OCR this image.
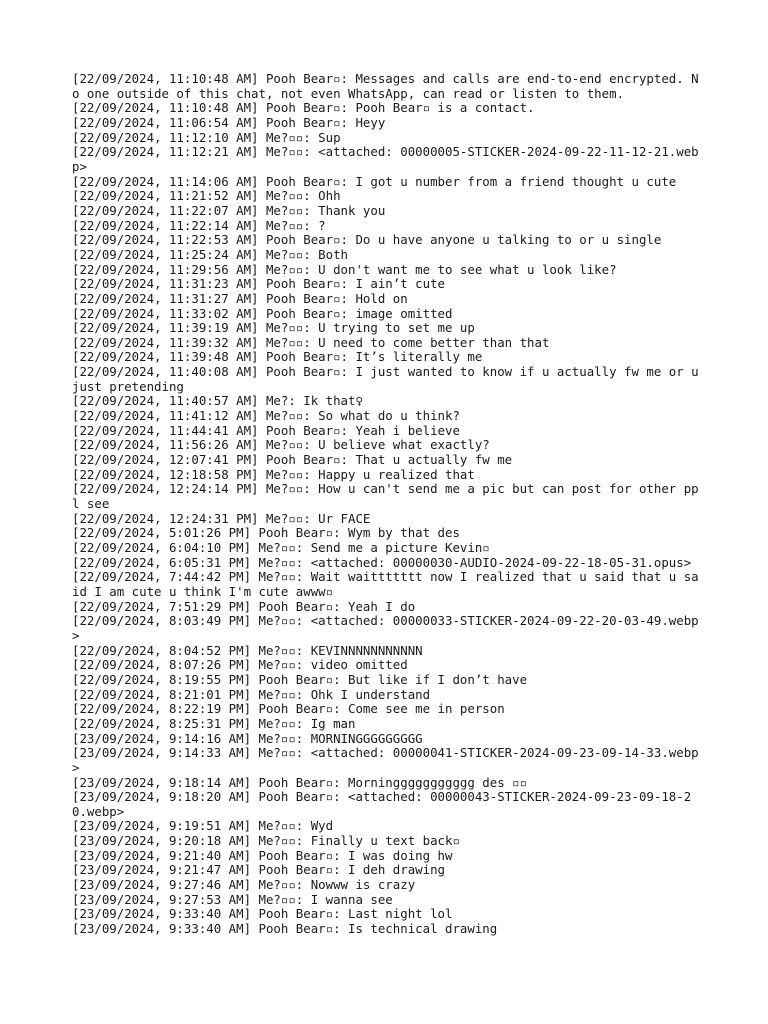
[22/09/2024, 11:10:48 AM] Pooh Bear▫: Messages and calls are end-to-end encrypted. No one outside of this chat, not even WhatsApp, can read or listen to them.
[22/09/2024, 11:10:48 AM] Pooh Bear▫: Pooh Bear▫ is a contact.
[22/09/2024, 11:06:54 AM] Pooh Bear▫: Heyy
[22/09/2024, 11:12:10 AM] Me?▫▫: Sup
[22/09/2024, 11:12:21 AM] Me?▫▫: <attached: 00000005-STICKER-2024-09-22-11-12-21.webp>
[22/09/2024, 11:14:06 AM] Pooh Bear▫: I got u number from a friend thought u cute
[22/09/2024, 11:21:52 AM] Me?▫▫: Ohh
[22/09/2024, 11:22:07 AM] Me?▫▫: Thank you
[22/09/2024, 11:22:14 AM] Me?▫▫: ?
[22/09/2024, 11:22:53 AM] Pooh Bear▫: Do u have anyone u talking to or u single
[22/09/2024, 11:25:24 AM] Me?▫▫: Both
[22/09/2024, 11:29:56 AM] Me?▫▫: U don't want me to see what u look like?
[22/09/2024, 11:31:23 AM] Pooh Bear▫: I ain’t cute
[22/09/2024, 11:31:27 AM] Pooh Bear▫: Hold on
[22/09/2024, 11:33:02 AM] Pooh Bear▫: image omitted
[22/09/2024, 11:39:19 AM] Me?▫▫: U trying to set me up
[22/09/2024, 11:39:32 AM] Me?▫▫: U need to come better than that
[22/09/2024, 11:39:48 AM] Pooh Bear▫: It’s literally me
[22/09/2024, 11:40:08 AM] Pooh Bear▫: I just wanted to know if u actually fw me or u just pretending
[22/09/2024, 11:40:57 AM] Me?: Ik that♀
[22/09/2024, 11:41:12 AM] Me?▫▫: So what do u think?
[22/09/2024, 11:44:41 AM] Pooh Bear▫: Yeah i believe
[22/09/2024, 11:56:26 AM] Me?▫▫: U believe what exactly?
[22/09/2024, 12:07:41 PM] Pooh Bear▫: That u actually fw me
[22/09/2024, 12:18:58 PM] Me?▫▫: Happy u realized that
[22/09/2024, 12:24:14 PM] Me?▫▫: How u can't send me a pic but can post for other ppl see
[22/09/2024, 12:24:31 PM] Me?▫▫: Ur FACE
[22/09/2024, 5:01:26 PM] Pooh Bear▫: Wym by that des
[22/09/2024, 6:04:10 PM] Me?▫▫: Send me a picture Kevin▫
[22/09/2024, 6:05:31 PM] Me?▫▫: <attached: 00000030-AUDIO-2024-09-22-18-05-31.opus>
[22/09/2024, 7:44:42 PM] Me?▫▫: Wait waittttttt now I realized that u said that u said I am cute u think I'm cute awww▫
[22/09/2024, 7:51:29 PM] Pooh Bear▫: Yeah I do
[22/09/2024, 8:03:49 PM] Me?▫▫: <attached: 00000033-STICKER-2024-09-22-20-03-49.webp>
[22/09/2024, 8:04:52 PM] Me?▫▫: KEVINNNNNNNNNNN
[22/09/2024, 8:07:26 PM] Me?▫▫: video omitted
[22/09/2024, 8:19:55 PM] Pooh Bear▫: But like if I don’t have
[22/09/2024, 8:21:01 PM] Me?▫▫: Ohk I understand
[22/09/2024, 8:22:19 PM] Pooh Bear▫: Come see me in person
[22/09/2024, 8:25:31 PM] Me?▫▫: Ig man
[23/09/2024, 9:14:16 AM] Me?▫▫: MORNINGGGGGGGGG
[23/09/2024, 9:14:33 AM] Me?▫▫: <attached: 00000041-STICKER-2024-09-23-09-14-33.webp>
[23/09/2024, 9:18:14 AM] Pooh Bear▫: Morninggggggggggg des ▫▫
[23/09/2024, 9:18:20 AM] Pooh Bear▫: <attached: 00000043-STICKER-2024-09-23-09-18-20.webp>
[23/09/2024, 9:19:51 AM] Me?▫▫: Wyd
[23/09/2024, 9:20:18 AM] Me?▫▫: Finally u text back▫
[23/09/2024, 9:21:40 AM] Pooh Bear▫: I was doing hw
[23/09/2024, 9:21:47 AM] Pooh Bear▫: I deh drawing
[23/09/2024, 9:27:46 AM] Me?▫▫: Nowww is crazy
[23/09/2024, 9:27:53 AM] Me?▫▫: I wanna see
[23/09/2024, 9:33:40 AM] Pooh Bear▫: Last night lol
[23/09/2024, 9:33:40 AM] Pooh Bear▫: Is technical drawing
